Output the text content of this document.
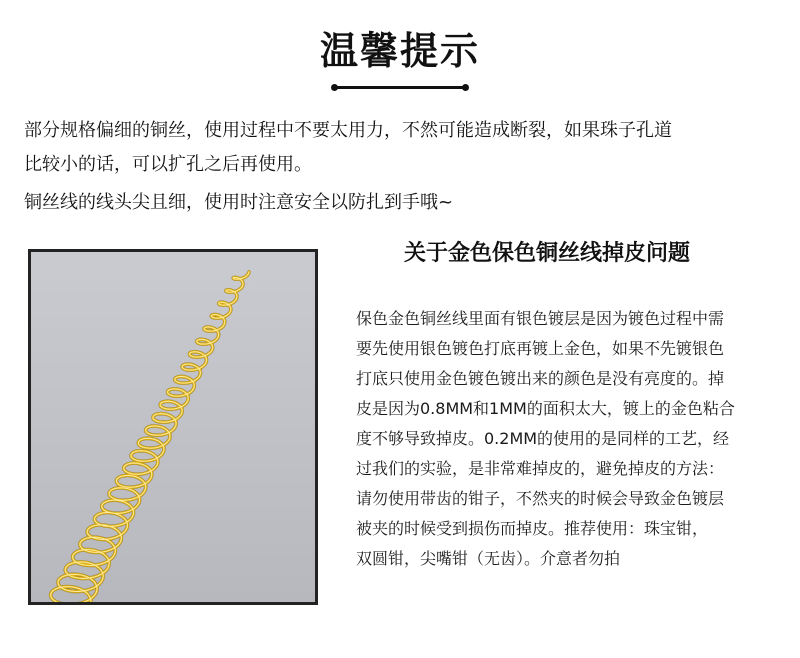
温馨提示
部分规格偏细的铜丝，使用过程中不要太用力，不然可能造成断裂，如果珠子孔道
比较小的话，可以扩孔之后再使用。
铜丝线的线头尖且细，使用时注意安全以防扎到手哦~
关于金色保色铜丝线掉皮问题
保色金色铜丝线里面有银色镀层是因为镀色过程中需
要先使用银色镀色打底再镀上金色，如果不先镀银色
打底只使用金色镀色镀出来的颜色是没有亮度的。掉
皮是因为0.8MM和1MM的面积太大，镀上的金色粘合
度不够导致掉皮。0.2MM的使用的是同样的工艺，经
过我们的实验，是非常难掉皮的，避免掉皮的方法：
请勿使用带齿的钳子，不然夹的时候会导致金色镀层
被夹的时候受到损伤而掉皮。推荐使用：珠宝钳，
双圆钳，尖嘴钳（无齿）。介意者勿拍
